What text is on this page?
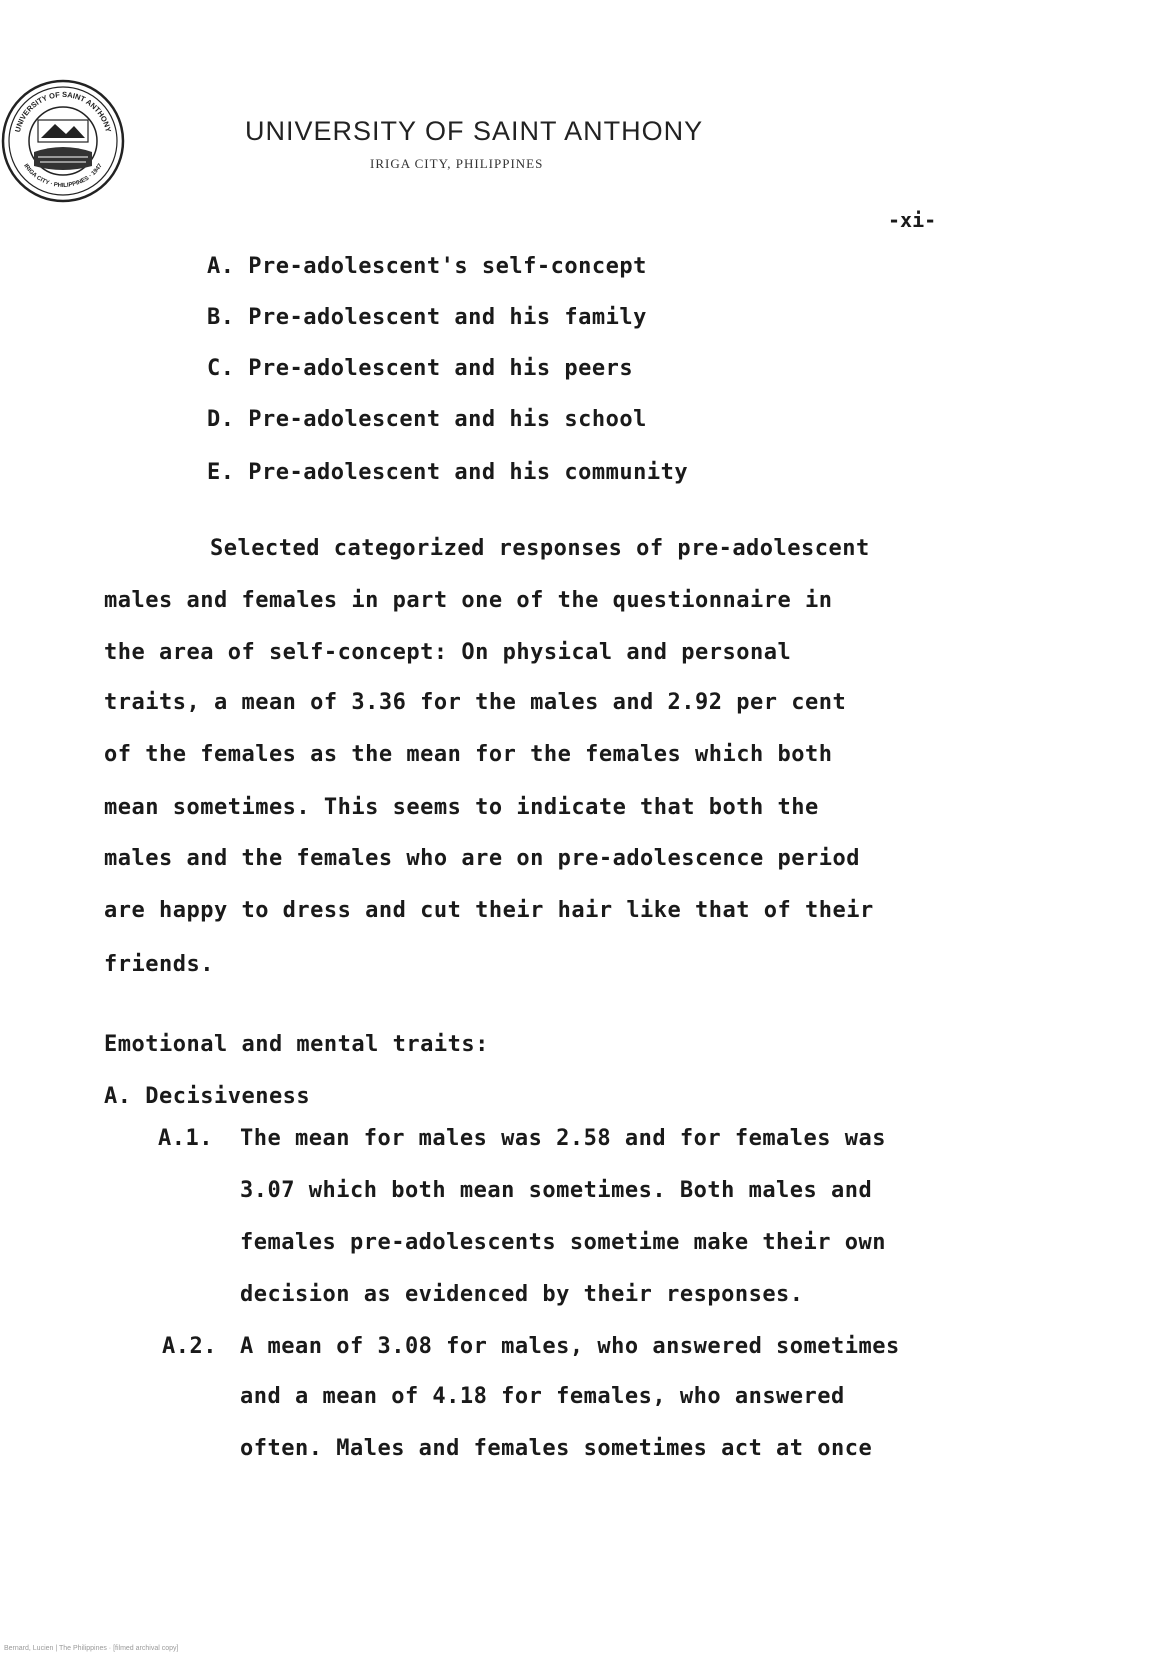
UNIVERSITY OF SAINT ANTHONY
IRIGA CITY · PHILIPPINES · 1947
UNIVERSITY OF SAINT ANTHONY
IRIGA CITY, PHILIPPINES
-xi-
A. Pre-adolescent's self-concept
B. Pre-adolescent and his family
C. Pre-adolescent and his peers
D. Pre-adolescent and his school
E. Pre-adolescent and his community
Selected categorized responses of pre-adolescent
males and females in part one of the questionnaire in
the area of self-concept: On physical and personal
traits, a mean of 3.36 for the males and 2.92 per cent
of the females as the mean for the females which both
mean sometimes. This seems to indicate that both the
males and the females who are on pre-adolescence period
are happy to dress and cut their hair like that of their
friends.
Emotional and mental traits:
A. Decisiveness
A.1. The mean for males was 2.58 and for females was
3.07 which both mean sometimes. Both males and
females pre-adolescents sometime make their own
decision as evidenced by their responses.
A.2. A mean of 3.08 for males, who answered sometimes
and a mean of 4.18 for females, who answered
often. Males and females sometimes act at once
Bernard, Lucien | The Philippines · [filmed archival copy]
